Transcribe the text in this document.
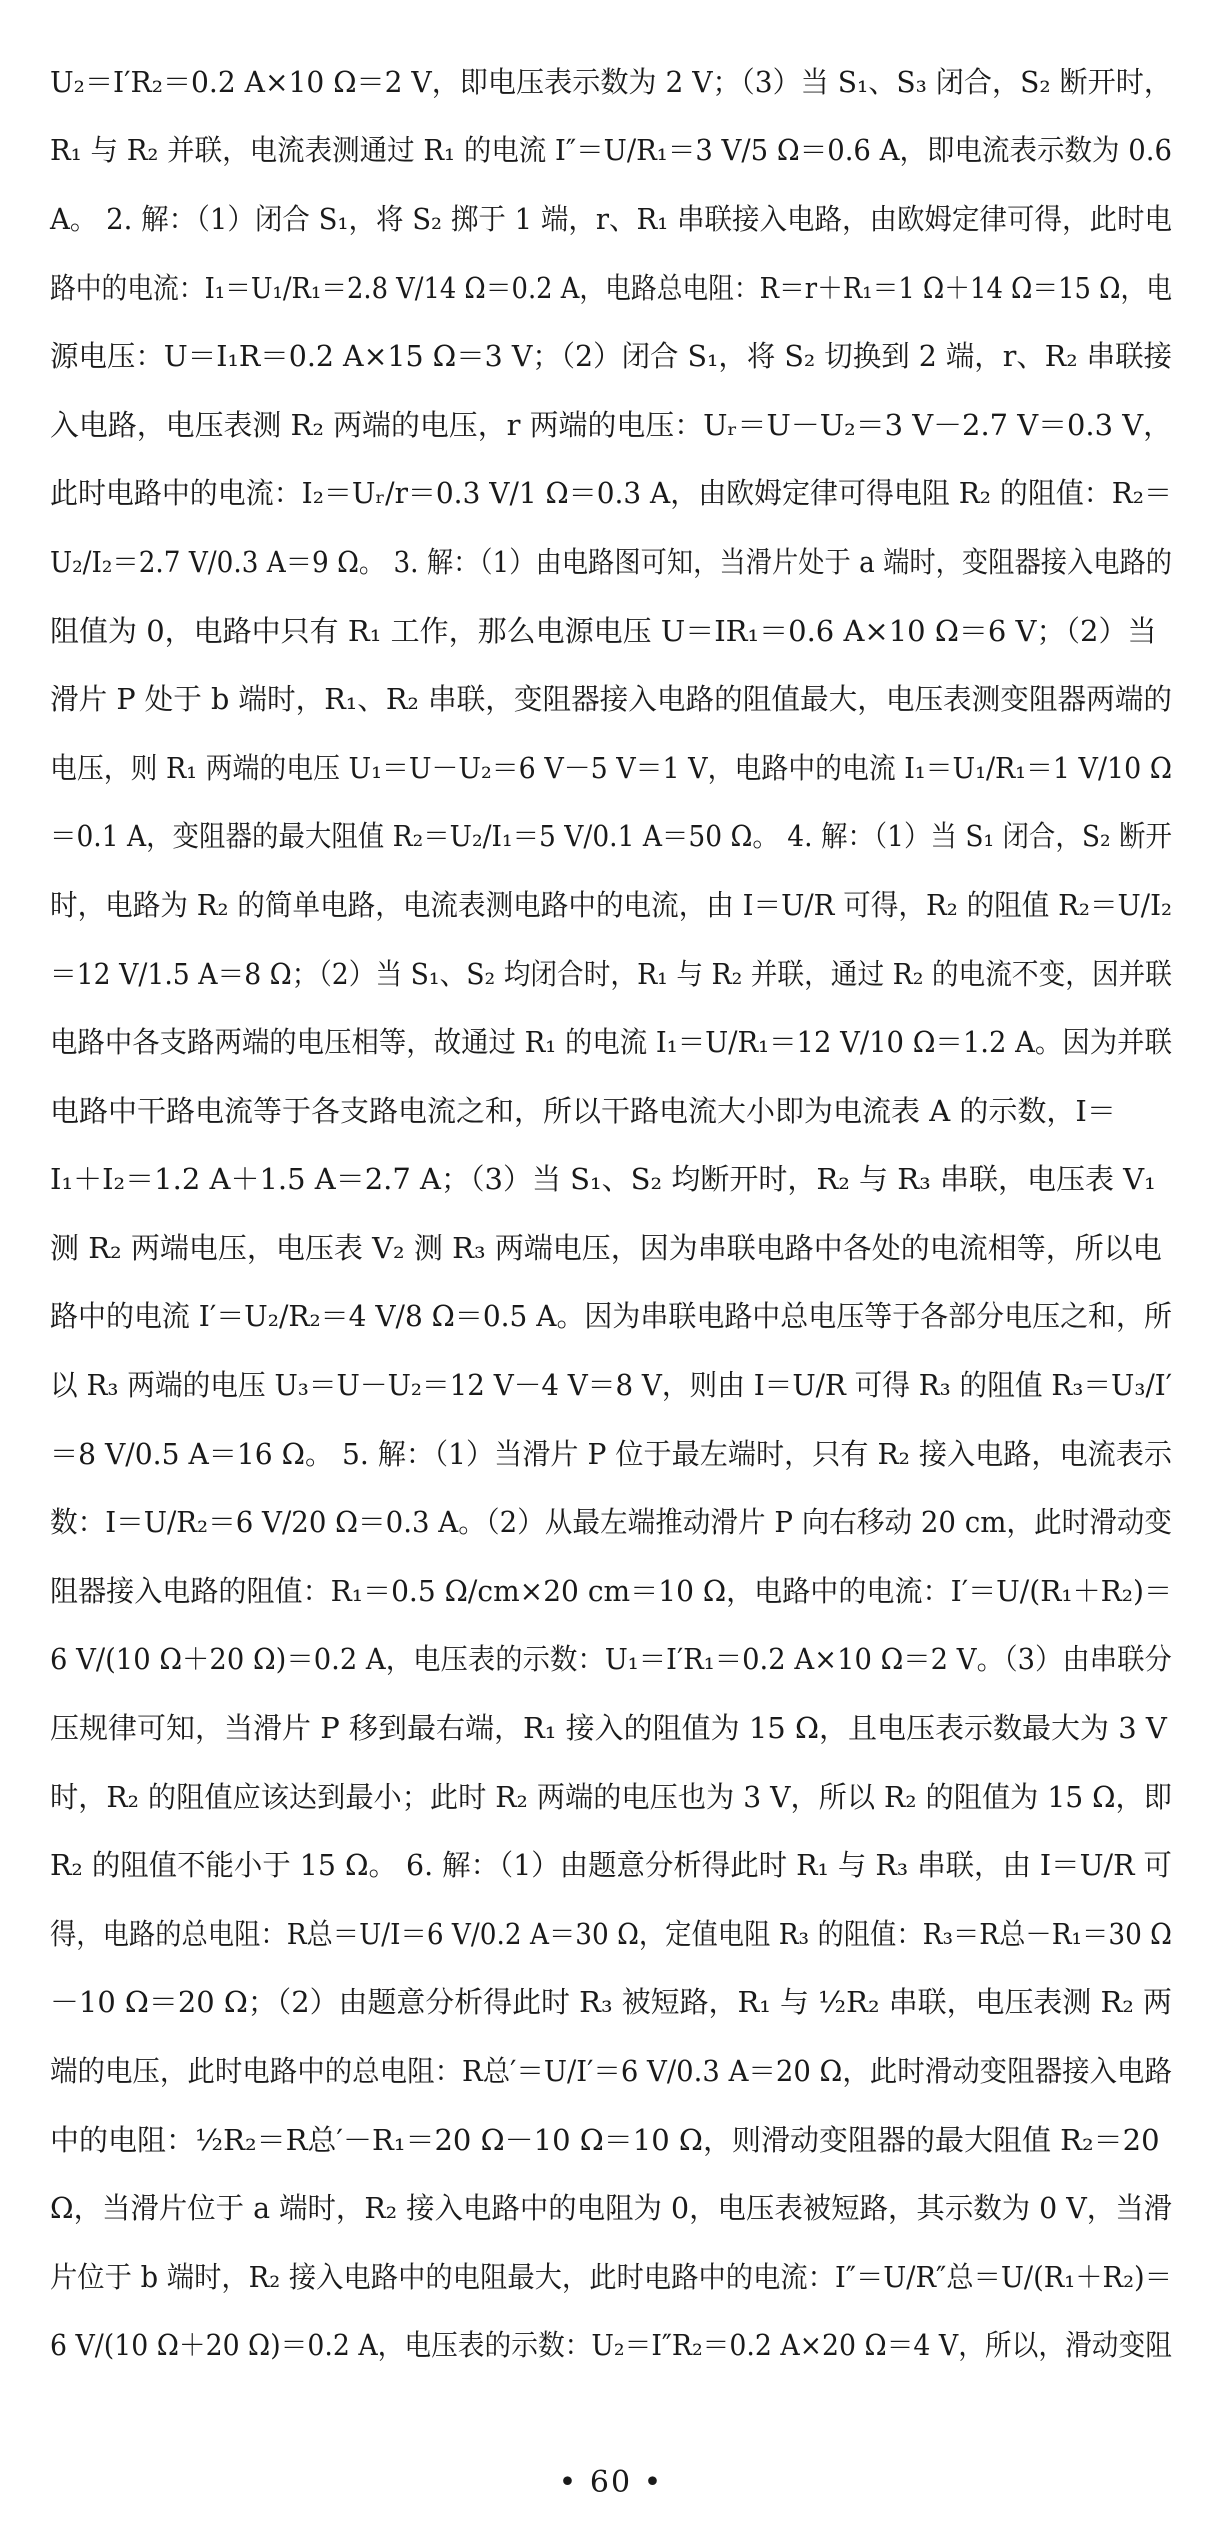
U₂＝I′R₂＝0.2 A×10 Ω＝2 V，即电压表示数为 2 V；（3）当 S₁、S₃ 闭合，S₂ 断开时，
R₁ 与 R₂ 并联，电流表测通过 R₁ 的电流 I″＝U/R₁＝3 V/5 Ω＝0.6 A，即电流表示数为 0.6
A。 2. 解：（1）闭合 S₁，将 S₂ 掷于 1 端，r、R₁ 串联接入电路，由欧姆定律可得，此时电
路中的电流：I₁＝U₁/R₁＝2.8 V/14 Ω＝0.2 A，电路总电阻：R＝r＋R₁＝1 Ω＋14 Ω＝15 Ω，电
源电压：U＝I₁R＝0.2 A×15 Ω＝3 V；（2）闭合 S₁，将 S₂ 切换到 2 端，r、R₂ 串联接
入电路，电压表测 R₂ 两端的电压，r 两端的电压：Uᵣ＝U－U₂＝3 V－2.7 V＝0.3 V，
此时电路中的电流：I₂＝Uᵣ/r＝0.3 V/1 Ω＝0.3 A，由欧姆定律可得电阻 R₂ 的阻值：R₂＝
U₂/I₂＝2.7 V/0.3 A＝9 Ω。 3. 解：（1）由电路图可知，当滑片处于 a 端时，变阻器接入电路的
阻值为 0，电路中只有 R₁ 工作，那么电源电压 U＝IR₁＝0.6 A×10 Ω＝6 V；（2）当
滑片 P 处于 b 端时，R₁、R₂ 串联，变阻器接入电路的阻值最大，电压表测变阻器两端的
电压，则 R₁ 两端的电压 U₁＝U－U₂＝6 V－5 V＝1 V，电路中的电流 I₁＝U₁/R₁＝1 V/10 Ω
＝0.1 A，变阻器的最大阻值 R₂＝U₂/I₁＝5 V/0.1 A＝50 Ω。 4. 解：（1）当 S₁ 闭合，S₂ 断开
时，电路为 R₂ 的简单电路，电流表测电路中的电流，由 I＝U/R 可得，R₂ 的阻值 R₂＝U/I₂
＝12 V/1.5 A＝8 Ω；（2）当 S₁、S₂ 均闭合时，R₁ 与 R₂ 并联，通过 R₂ 的电流不变，因并联
电路中各支路两端的电压相等，故通过 R₁ 的电流 I₁＝U/R₁＝12 V/10 Ω＝1.2 A。因为并联
电路中干路电流等于各支路电流之和，所以干路电流大小即为电流表 A 的示数，I＝
I₁＋I₂＝1.2 A＋1.5 A＝2.7 A；（3）当 S₁、S₂ 均断开时，R₂ 与 R₃ 串联，电压表 V₁
测 R₂ 两端电压，电压表 V₂ 测 R₃ 两端电压，因为串联电路中各处的电流相等，所以电
路中的电流 I′＝U₂/R₂＝4 V/8 Ω＝0.5 A。因为串联电路中总电压等于各部分电压之和，所
以 R₃ 两端的电压 U₃＝U－U₂＝12 V－4 V＝8 V，则由 I＝U/R 可得 R₃ 的阻值 R₃＝U₃/I′
＝8 V/0.5 A＝16 Ω。 5. 解：（1）当滑片 P 位于最左端时，只有 R₂ 接入电路，电流表示
数：I＝U/R₂＝6 V/20 Ω＝0.3 A。（2）从最左端推动滑片 P 向右移动 20 cm，此时滑动变
阻器接入电路的阻值：R₁＝0.5 Ω/cm×20 cm＝10 Ω，电路中的电流：I′＝U/(R₁＋R₂)＝
6 V/(10 Ω＋20 Ω)＝0.2 A，电压表的示数：U₁＝I′R₁＝0.2 A×10 Ω＝2 V。（3）由串联分
压规律可知，当滑片 P 移到最右端，R₁ 接入的阻值为 15 Ω，且电压表示数最大为 3 V
时，R₂ 的阻值应该达到最小；此时 R₂ 两端的电压也为 3 V，所以 R₂ 的阻值为 15 Ω，即
R₂ 的阻值不能小于 15 Ω。 6. 解：（1）由题意分析得此时 R₁ 与 R₃ 串联，由 I＝U/R 可
得，电路的总电阻：R总＝U/I＝6 V/0.2 A＝30 Ω，定值电阻 R₃ 的阻值：R₃＝R总－R₁＝30 Ω
－10 Ω＝20 Ω；（2）由题意分析得此时 R₃ 被短路，R₁ 与 ½R₂ 串联，电压表测 R₂ 两
端的电压，此时电路中的总电阻：R总′＝U/I′＝6 V/0.3 A＝20 Ω，此时滑动变阻器接入电路
中的电阻：½R₂＝R总′－R₁＝20 Ω－10 Ω＝10 Ω，则滑动变阻器的最大阻值 R₂＝20
Ω，当滑片位于 a 端时，R₂ 接入电路中的电阻为 0，电压表被短路，其示数为 0 V，当滑
片位于 b 端时，R₂ 接入电路中的电阻最大，此时电路中的电流：I″＝U/R″总＝U/(R₁＋R₂)＝
6 V/(10 Ω＋20 Ω)＝0.2 A，电压表的示数：U₂＝I″R₂＝0.2 A×20 Ω＝4 V，所以，滑动变阻
• 60 •
